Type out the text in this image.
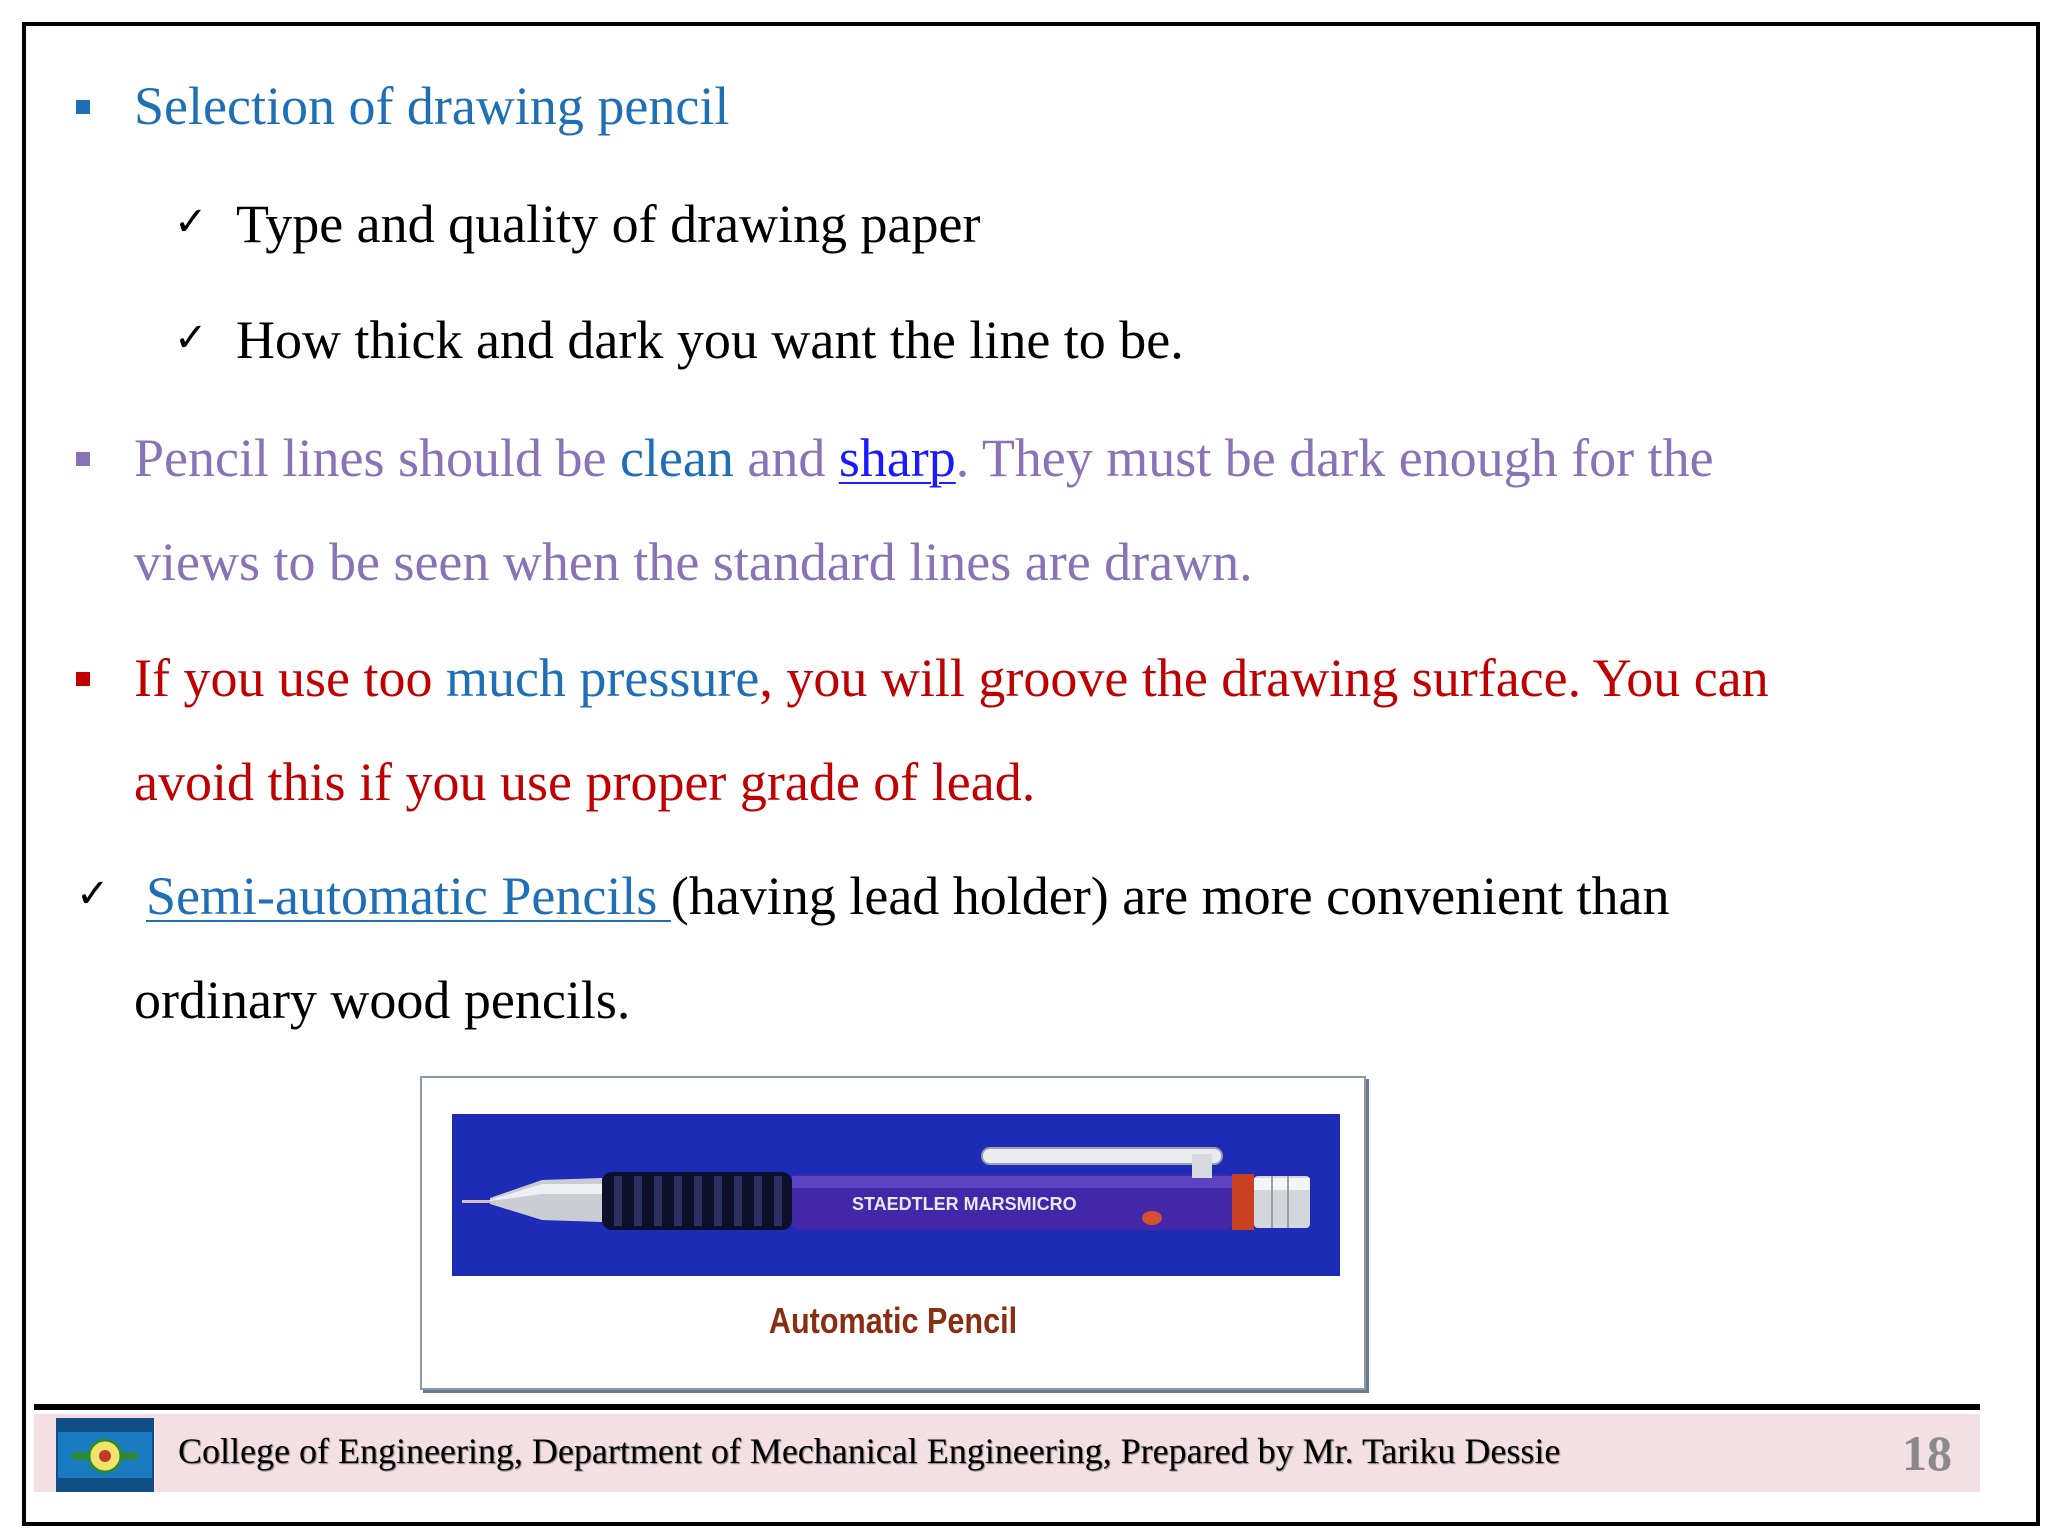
Selection of drawing pencil
✓ Type and quality of drawing paper
✓ How thick and dark you want the line to be.
Pencil lines should be clean and sharp. They must be dark enough for the
views to be seen when the standard lines are drawn.
If you use too much pressure, you will groove the drawing surface. You can
avoid this if you use proper grade of lead.
✓ Semi-automatic Pencils (having lead holder) are more convenient than
ordinary wood pencils.
STAEDTLER MARSMICRO
Automatic Pencil
College of Engineering, Department of Mechanical Engineering, Prepared by Mr. Tariku Dessie	18
